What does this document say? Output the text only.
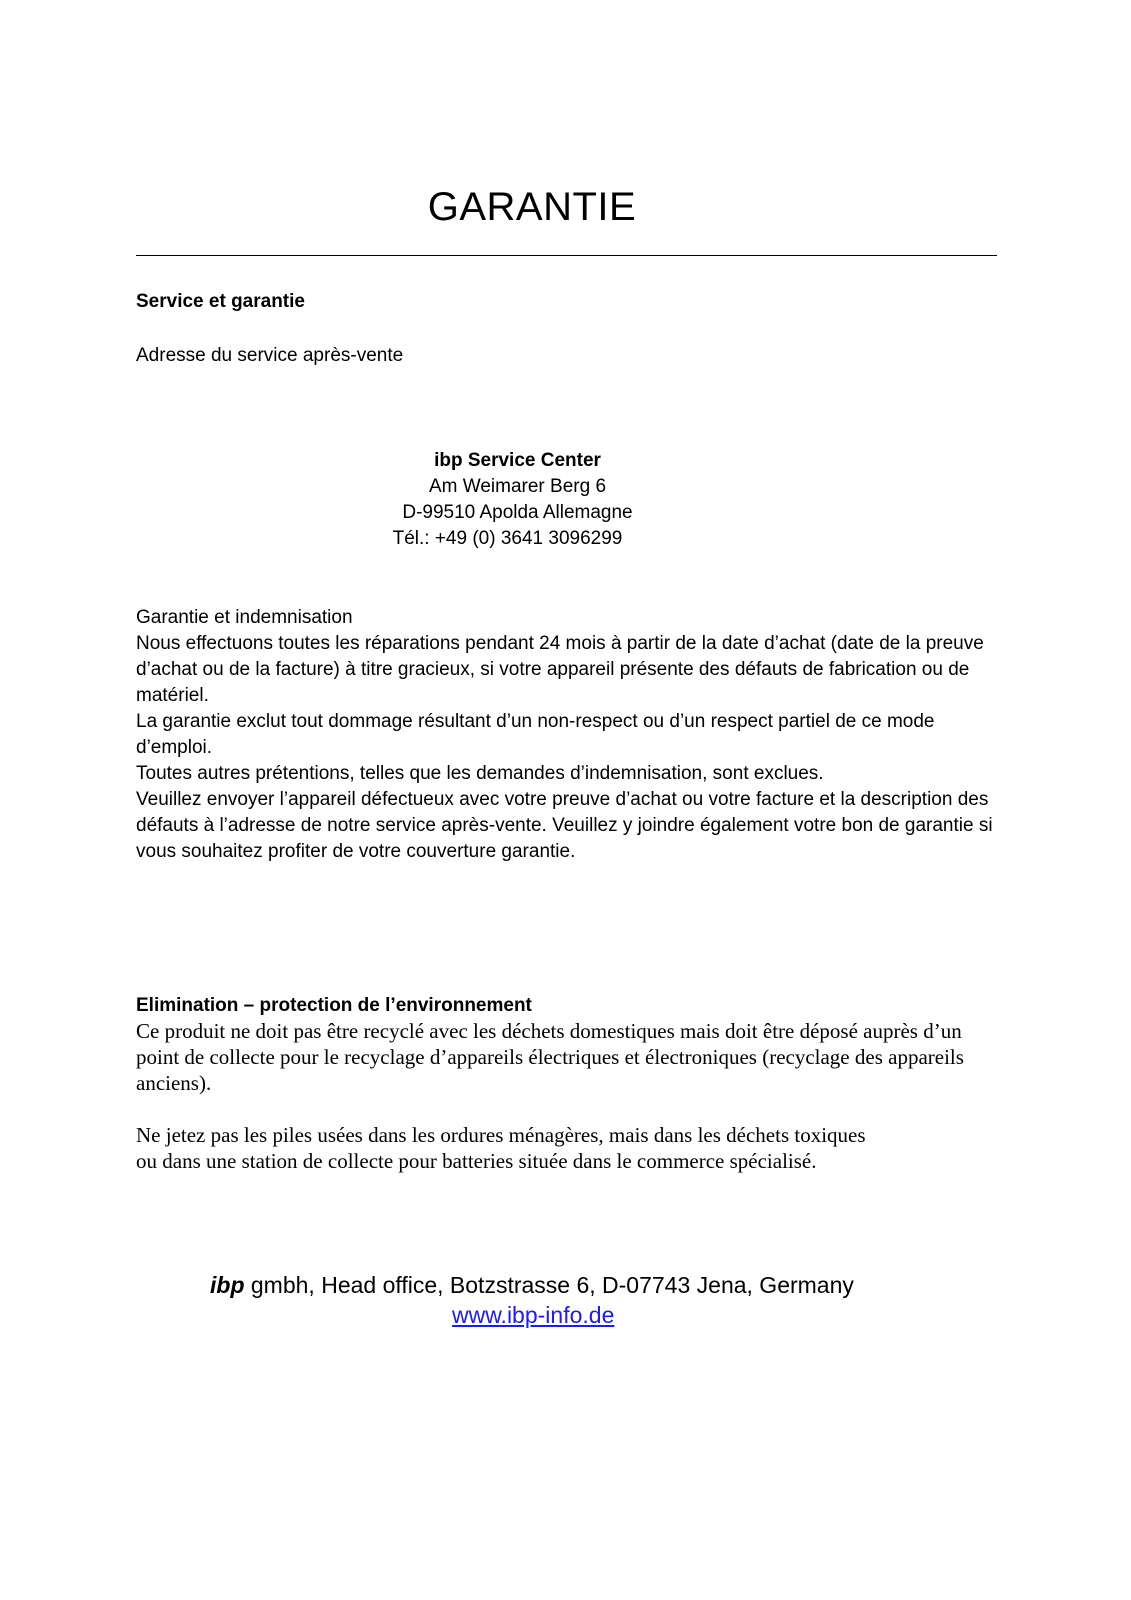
GARANTIE
Service et garantie
Adresse du service après-vente
ibp Service Center
Am Weimarer Berg 6
D-99510 Apolda Allemagne
Tél.: +49 (0) 3641 3096299

Garantie et indemnisation

Nous effectuons toutes les réparations pendant 24 mois à partir de la date d’achat (date de la preuve d’achat ou de la facture) à titre gracieux, si votre appareil présente des défauts de fabrication ou de matériel.

La garantie exclut tout dommage résultant d’un non-respect ou d’un respect partiel de ce mode d’emploi.

Toutes autres prétentions, telles que les demandes d’indemnisation, sont exclues.

Veuillez envoyer l’appareil défectueux avec votre preuve d’achat ou votre facture et la description des défauts à l’adresse de notre service après-vente. Veuillez y joindre également votre bon de garantie si vous souhaitez profiter de votre couverture garantie.

Elimination – protection de l’environnement

Ce produit ne doit pas être recyclé avec les déchets domestiques mais doit être déposé auprès d’un point de collecte pour le recyclage d’appareils électriques et électroniques (recyclage des appareils anciens).

Ne jetez pas les piles usées dans les ordures ménagères, mais dans les déchets toxiques
ou dans une station de collecte pour batteries située dans le commerce spécialisé.

ibp gmbh, Head office, Botzstrasse 6, D-07743 Jena, Germany
www.ibp-info.de
